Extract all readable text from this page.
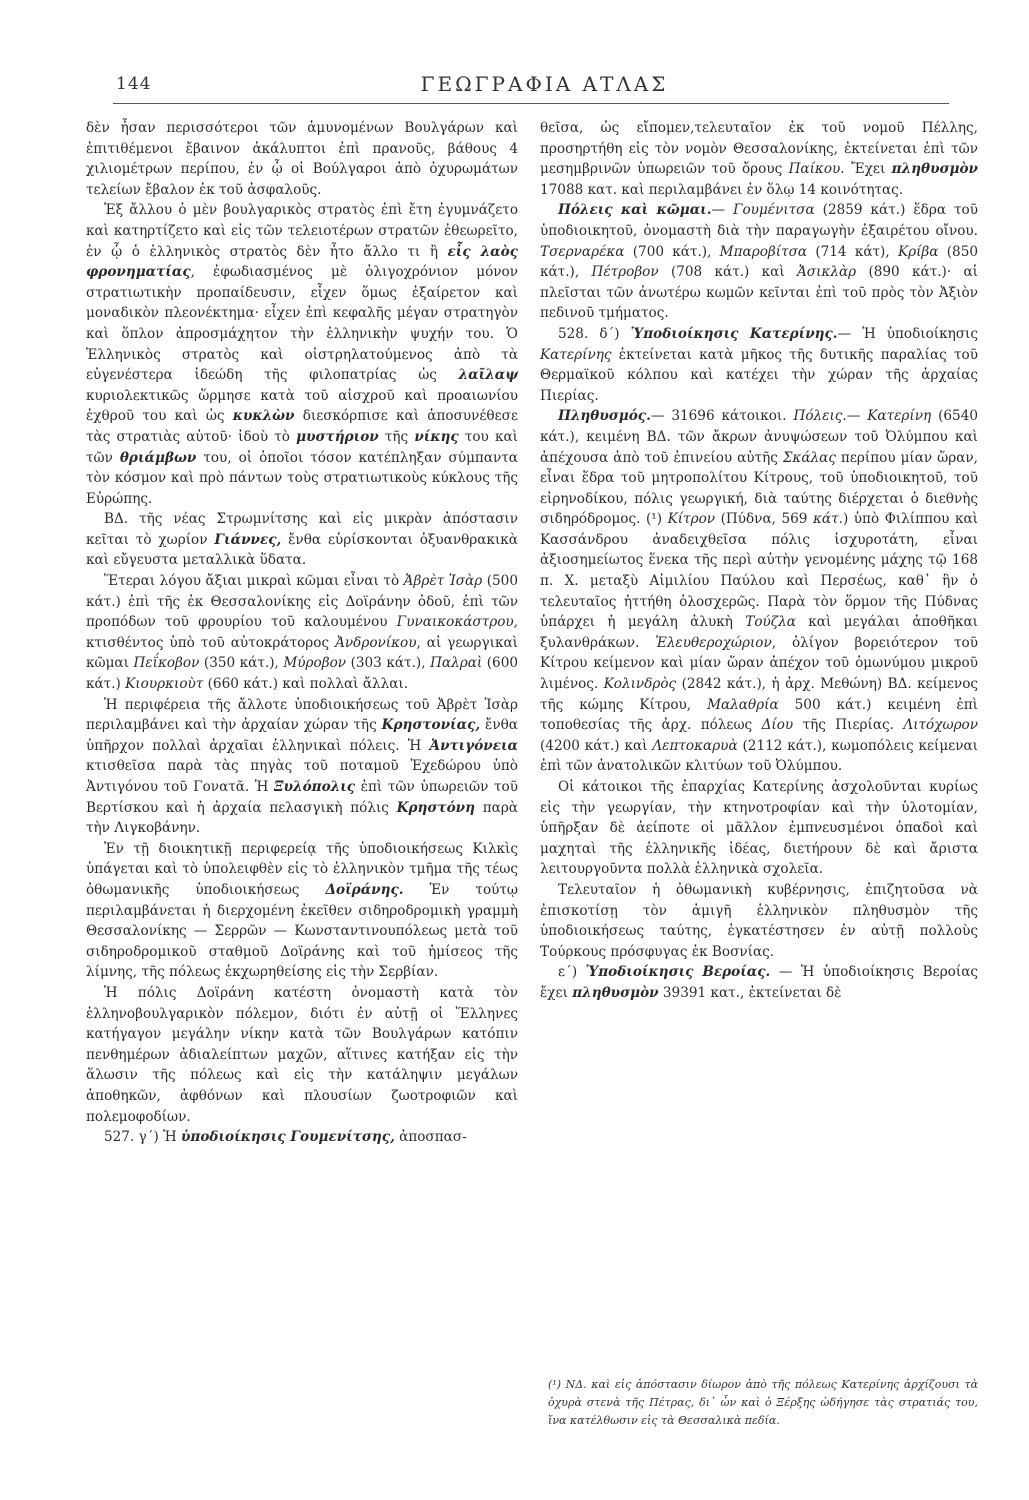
144	ΓΕΩΓΡΑΦΙΑ ΑΤΛΑΣ

δὲν ἦσαν περισσότεροι τῶν ἀμυνομένων Βουλγάρων καὶ ἐπιτιθέμενοι ἔβαινον ἀκάλυπτοι ἐπὶ πρανοῦς, βάθους 4 χιλιομέτρων περίπου, ἐν ᾧ οἱ Βούλγαροι ἀπὸ ὀχυρωμάτων τελείων ἔβαλον ἐκ τοῦ ἀσφαλοῦς.

Ἐξ ἄλλου ὁ μὲν βουλγαρικὸς στρατὸς ἐπὶ ἔτη ἐγυμνάζετο καὶ κατηρτίζετο καὶ εἰς τῶν τελειοτέρων στρατῶν ἐθεωρεῖτο, ἐν ᾧ ὁ ἑλληνικὸς στρατὸς δὲν ἦτο ἄλλο τι ἢ εἷς λαὸς φρονηματίας, ἐφωδιασμένος μὲ ὀλιγοχρόνιον μόνον στρατιωτικὴν προπαίδευσιν, εἶχεν ὅμως ἐξαίρετον καὶ μοναδικὸν πλεονέκτημα· εἶχεν ἐπὶ κεφαλῆς μέγαν στρατηγὸν καὶ ὅπλον ἀπροσμάχητον τὴν ἑλληνικὴν ψυχήν του. Ὁ Ἑλληνικὸς στρατὸς καὶ οἰστρηλατούμενος ἀπὸ τὰ εὐγενέστερα ἰδεώδη τῆς φιλοπατρίας ὡς λαῖλαψ κυριολεκτικῶς ὥρμησε κατὰ τοῦ αἰσχροῦ καὶ προαιωνίου ἐχθροῦ του καὶ ὡς κυκλὼν διεσκόρπισε καὶ ἀποσυνέθεσε τὰς στρατιὰς αὐτοῦ· ἰδοὺ τὸ μυστήριον τῆς νίκης του καὶ τῶν θριάμβων του, οἱ ὁποῖοι τόσον κατέπληξαν σύμπαντα τὸν κόσμον καὶ πρὸ πάντων τοὺς στρατιωτικοὺς κύκλους τῆς Εὐρώπης.

ΒΔ. τῆς νέας Στρωμνίτσης καὶ εἰς μικρὰν ἀπόστασιν κεῖται τὸ χωρίον Γιάννες, ἔνθα εὑρίσκονται ὀξυανθρακικὰ καὶ εὔγευστα μεταλλικὰ ὕδατα.

Ἕτεραι λόγου ἄξιαι μικραὶ κῶμαι εἶναι τὸ Ἀβρὲτ Ἰσὰρ (500 κάτ.) ἐπὶ τῆς ἐκ Θεσσαλονίκης εἰς Δοϊράνην ὁδοῦ, ἐπὶ τῶν προπόδων τοῦ φρουρίου τοῦ καλουμένου Γυναικοκάστρου, κτισθέντος ὑπὸ τοῦ αὐτοκράτορος Ἀνδρονίκου, αἱ γεωργικαὶ κῶμαι Πεΐκοβον (350 κάτ.), Μύροβον (303 κάτ.), Παλραὶ (600 κάτ.) Κιουρκιοὺτ (660 κάτ.) καὶ πολλαὶ ἄλλαι.

Ἡ περιφέρεια τῆς ἄλλοτε ὑποδιοικήσεως τοῦ Ἀβρὲτ Ἰσὰρ περιλαμβάνει καὶ τὴν ἀρχαίαν χώραν τῆς Κρηστονίας, ἔνθα ὑπῆρχον πολλαὶ ἀρχαῖαι ἑλληνικαὶ πόλεις. Ἡ Ἀντιγόνεια κτισθεῖσα παρὰ τὰς πηγὰς τοῦ ποταμοῦ Ἐχεδώρου ὑπὸ Ἀντιγόνου τοῦ Γονατᾶ. Ἡ Ξυλόπολις ἐπὶ τῶν ὑπωρειῶν τοῦ Βερτίσκου καὶ ἡ ἀρχαία πελασγικὴ πόλις Κρηστόνη παρὰ τὴν Λιγκοβάνην.

Ἐν τῇ διοικητικῇ περιφερείᾳ τῆς ὑποδιοικήσεως Κιλκὶς ὑπάγεται καὶ τὸ ὑπολειφθὲν εἰς τὸ ἑλληνικὸν τμῆμα τῆς τέως ὀθωμανικῆς ὑποδιοικήσεως Δοϊράνης. Ἐν τούτῳ περιλαμβάνεται ἡ διερχομένη ἐκεῖθεν σιδηροδρομικὴ γραμμὴ Θεσσαλονίκης — Σερρῶν — Κωνσταντινουπόλεως μετὰ τοῦ σιδηροδρομικοῦ σταθμοῦ Δοϊράνης καὶ τοῦ ἡμίσεος τῆς λίμνης, τῆς πόλεως ἐκχωρηθείσης εἰς τὴν Σερβίαν.

Ἡ πόλις Δοϊράνη κατέστη ὀνομαστὴ κατὰ τὸν ἑλληνοβουλγαρικὸν πόλεμον, διότι ἐν αὐτῇ οἱ Ἕλληνες κατήγαγον μεγάλην νίκην κατὰ τῶν Βουλγάρων κατόπιν πενθημέρων ἀδιαλείπτων μαχῶν, αἵτινες κατήξαν εἰς τὴν ἅλωσιν τῆς πόλεως καὶ εἰς τὴν κατάληψιν μεγάλων ἀποθηκῶν, ἀφθόνων καὶ πλουσίων ζωοτροφιῶν καὶ πολεμοφοδίων.

527. γ΄) Ἡ ὑποδιοίκησις Γουμενίτσης, ἀποσπασ-

θεῖσα, ὡς εἴπομεν,τελευταῖον ἐκ τοῦ νομοῦ Πέλλης, προσηρτήθη εἰς τὸν νομὸν Θεσσαλονίκης, ἐκτείνεται ἐπὶ τῶν μεσημβρινῶν ὑπωρειῶν τοῦ ὄρους Παίκου. Ἔχει πληθυσμὸν 17088 κατ. καὶ περιλαμβάνει ἐν ὅλῳ 14 κοινότητας.

Πόλεις καὶ κῶμαι.— Γουμένιτσα (2859 κάτ.) ἕδρα τοῦ ὑποδιοικητοῦ, ὀνομαστὴ διὰ τὴν παραγωγὴν ἐξαιρέτου οἴνου. Τσερναρέκα (700 κάτ.), Μπαροβίτσα (714 κάτ), Κρίβα (850 κάτ.), Πέτροβον (708 κάτ.) καὶ Ἀσικλὰρ (890 κάτ.)· αἱ πλεῖσται τῶν ἀνωτέρω κωμῶν κεῖνται ἐπὶ τοῦ πρὸς τὸν Ἀξιὸν πεδινοῦ τμήματος.

528. δ΄) Ὑποδιοίκησις Κατερίνης.— Ἡ ὑποδιοίκησις Κατερίνης ἐκτείνεται κατὰ μῆκος τῆς δυτικῆς παραλίας τοῦ Θερμαϊκοῦ κόλπου καὶ κατέχει τὴν χώραν τῆς ἀρχαίας Πιερίας.

Πληθυσμός.— 31696 κάτοικοι. Πόλεις.— Κατερίνη (6540 κάτ.), κειμένη ΒΔ. τῶν ἄκρων ἀνυψώσεων τοῦ Ὀλύμπου καὶ ἀπέχουσα ἀπὸ τοῦ ἐπινείου αὐτῆς Σκάλας περίπου μίαν ὥραν, εἶναι ἕδρα τοῦ μητροπολίτου Κίτρους, τοῦ ὑποδιοικητοῦ, τοῦ εἰρηνοδίκου, πόλις γεωργική, διὰ ταύτης διέρχεται ὁ διεθνὴς σιδηρόδρομος. (¹) Κίτρον (Πύδνα, 569 κάτ.) ὑπὸ Φιλίππου καὶ Κασσάνδρου ἀναδειχθεῖσα πόλις ἰσχυροτάτη, εἶναι ἀξιοσημείωτος ἕνεκα τῆς περὶ αὐτὴν γενομένης μάχης τῷ 168 π. Χ. μεταξὺ Αἰμιλίου Παύλου καὶ Περσέως, καθ᾿ ἣν ὁ τελευταῖος ἡττήθη ὁλοσχερῶς. Παρὰ τὸν ὅρμον τῆς Πύδνας ὑπάρχει ἡ μεγάλη ἁλυκὴ Τούζλα καὶ μεγάλαι ἀποθῆκαι ξυλανθράκων. Ἐλευθεροχώριον, ὀλίγον βορειότερον τοῦ Κίτρου κείμενον καὶ μίαν ὥραν ἀπέχον τοῦ ὁμωνύμου μικροῦ λιμένος. Κολινδρὸς (2842 κάτ.), ἡ ἀρχ. Μεθώνη) ΒΔ. κείμενος τῆς κώμης Κίτρου, Μαλαθρία 500 κάτ.) κειμένη ἐπὶ τοποθεσίας τῆς ἀρχ. πόλεως Δίου τῆς Πιερίας. Λιτόχωρον (4200 κάτ.) καὶ Λεπτοκαρυὰ (2112 κάτ.), κωμοπόλεις κείμεναι ἐπὶ τῶν ἀνατολικῶν κλιτύων τοῦ Ὀλύμπου.

Οἱ κάτοικοι τῆς ἐπαρχίας Κατερίνης ἀσχολοῦνται κυρίως εἰς τὴν γεωργίαν, τὴν κτηνοτροφίαν καὶ τὴν ὑλοτομίαν, ὑπῆρξαν δὲ ἀείποτε οἱ μᾶλλον ἐμπνευσμένοι ὁπαδοὶ καὶ μαχηταὶ τῆς ἑλληνικῆς ἰδέας, διετήρουν δὲ καὶ ἄριστα λειτουργοῦντα πολλὰ ἑλληνικὰ σχολεῖα.

Τελευταῖον ἡ ὀθωμανικὴ κυβέρνησις, ἐπιζητοῦσα νὰ ἐπισκοτίσῃ τὸν ἀμιγῆ ἑλληνικὸν πληθυσμὸν τῆς ὑποδιοικήσεως ταύτης, ἐγκατέστησεν ἐν αὐτῇ πολλοὺς Τούρκους πρόσφυγας ἐκ Βοσνίας.

ε΄) Ὑποδιοίκησις Βεροίας. — Ἡ ὑποδιοίκησις Βεροίας ἔχει πληθυσμὸν 39391 κατ., ἐκτείνεται δὲ

(¹) ΝΔ. καὶ εἰς ἀπόστασιν δίωρον ἀπὸ τῆς πόλεως Κατερίνης ἀρχίζουσι τὰ ὀχυρὰ στενὰ τῆς Πέτρας, δι᾿ ὧν καὶ ὁ Ξέρξης ὡδήγησε τὰς στρατιάς του, ἵνα κατέλθωσιν εἰς τὰ Θεσσαλικὰ πεδία.
